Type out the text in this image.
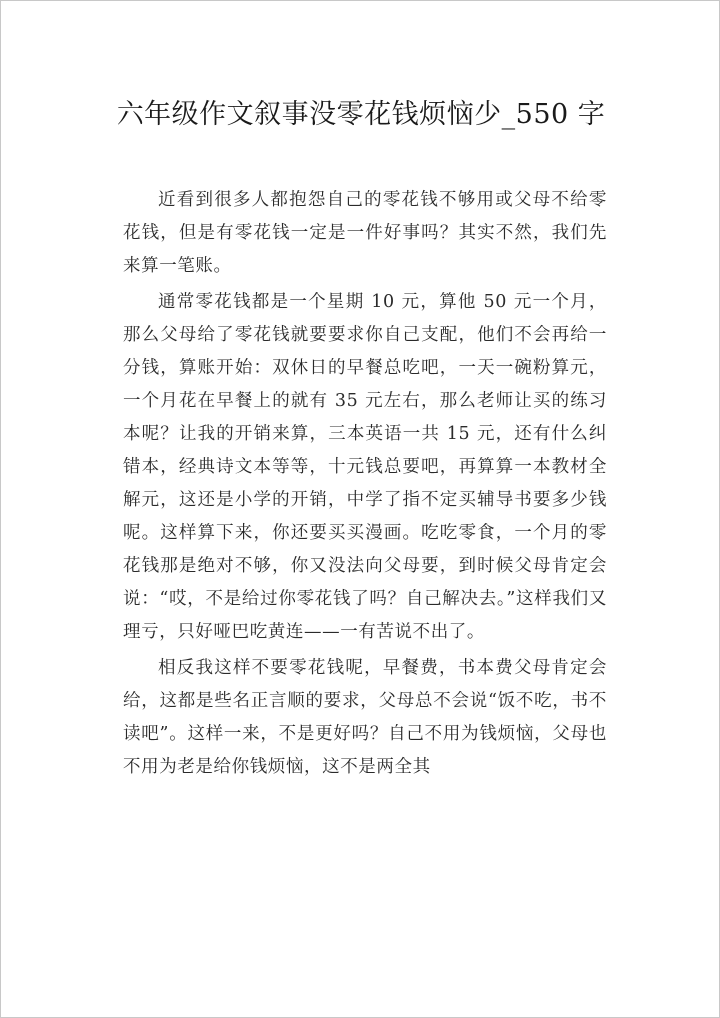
六年级作文叙事没零花钱烦恼少_550 字

近看到很多人都抱怨自己的零花钱不够用或父母不给零花钱，但是有零花钱一定是一件好事吗？其实不然，我们先来算一笔账。

通常零花钱都是一个星期 10 元，算他 50 元一个月，那么父母给了零花钱就要要求你自己支配，他们不会再给一分钱，算账开始：双休日的早餐总吃吧，一天一碗粉算元，一个月花在早餐上的就有 35 元左右，那么老师让买的练习本呢？让我的开销来算，三本英语一共 15 元，还有什么纠错本，经典诗文本等等，十元钱总要吧，再算算一本教材全解元，这还是小学的开销，中学了指不定买辅导书要多少钱呢。这样算下来，你还要买买漫画。吃吃零食，一个月的零花钱那是绝对不够，你又没法向父母要，到时候父母肯定会说：“哎，不是给过你零花钱了吗？自己解决去。”这样我们又理亏，只好哑巴吃黄连——一有苦说不出了。

相反我这样不要零花钱呢，早餐费，书本费父母肯定会给，这都是些名正言顺的要求，父母总不会说“饭不吃，书不读吧”。这样一来，不是更好吗？自己不用为钱烦恼，父母也不用为老是给你钱烦恼，这不是两全其
